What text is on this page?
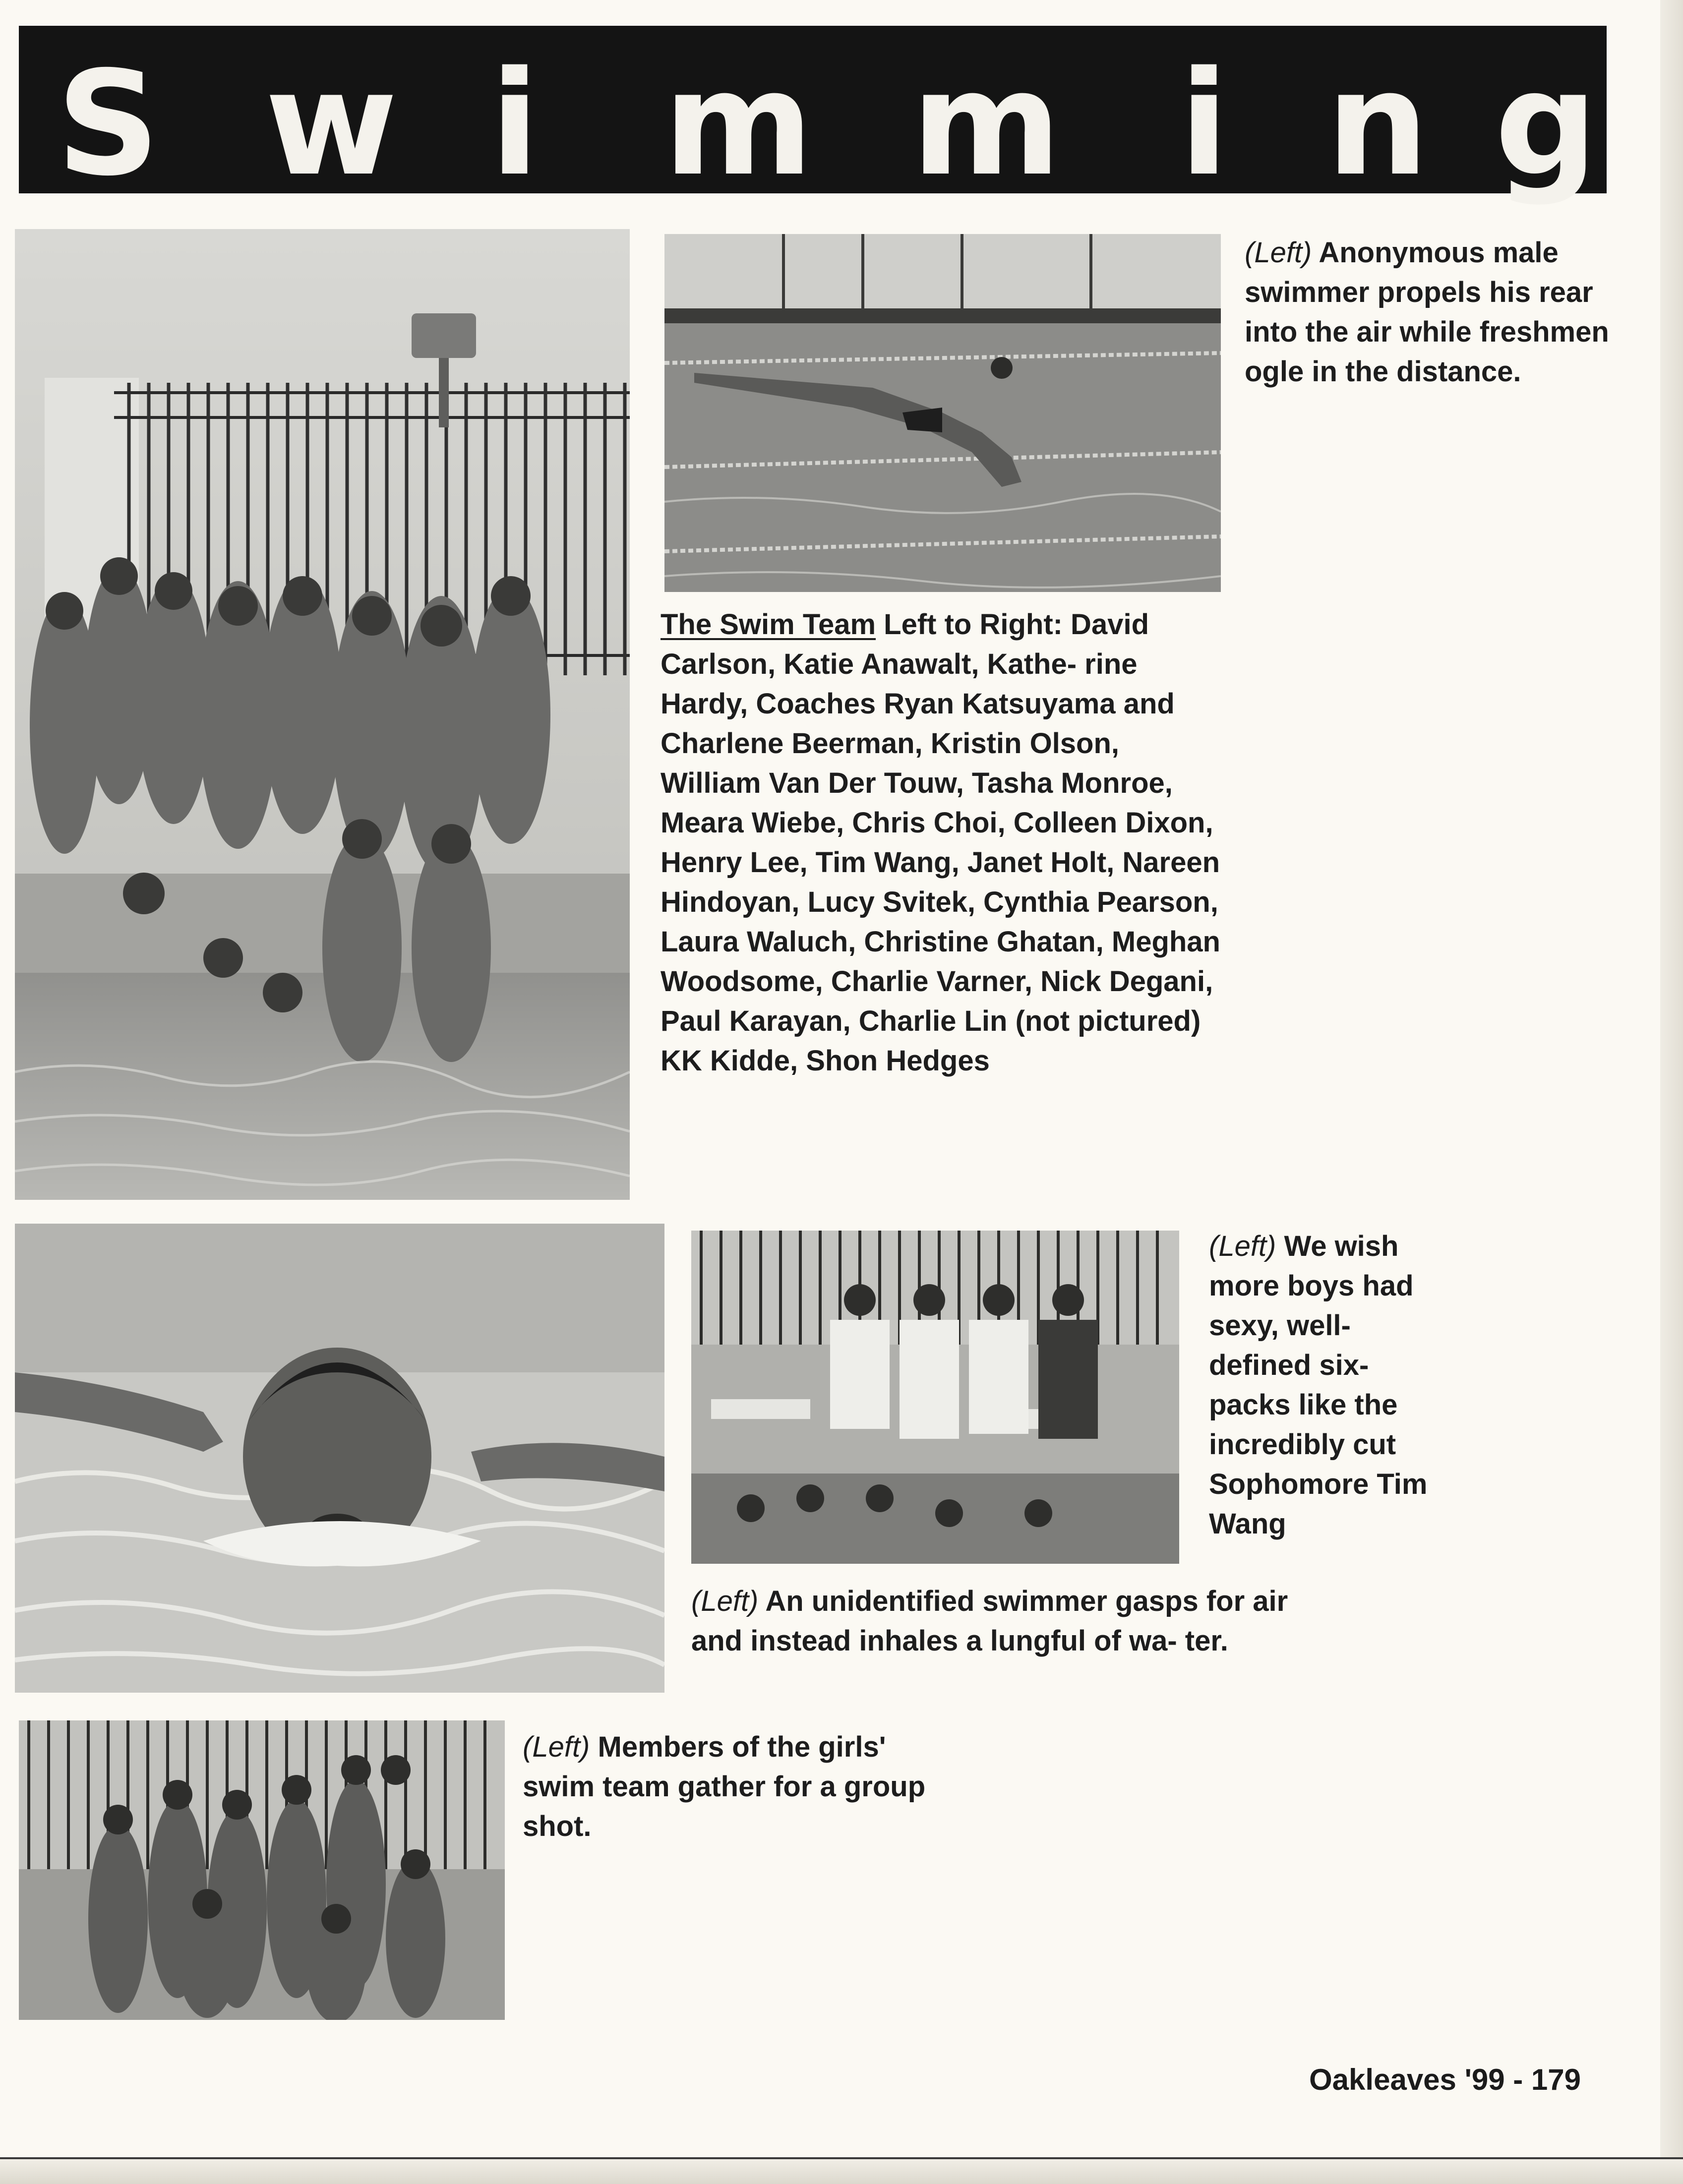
S w i m m i n g

(Left) Anonymous male swimmer propels his rear into the air while freshmen ogle in the distance.

The Swim Team Left to Right: David Carlson, Katie Anawalt, Kathe- rine Hardy, Coaches Ryan Katsuyama and Charlene Beerman, Kristin Olson, William Van Der Touw, Tasha Monroe, Meara Wiebe, Chris Choi, Colleen Dixon, Henry Lee, Tim Wang, Janet Holt, Nareen Hindoyan, Lucy Svitek, Cynthia Pearson, Laura Waluch, Christine Ghatan, Meghan Woodsome, Charlie Varner, Nick Degani, Paul Karayan, Charlie Lin (not pictured) KK Kidde, Shon Hedges

(Left) We wish more boys had sexy, well- defined six- packs like the incredibly cut Sophomore Tim Wang

(Left) An unidentified swimmer gasps for air and instead inhales a lungful of wa- ter.

(Left) Members of the girls' swim team gather for a group shot.

Oakleaves '99 - 179
